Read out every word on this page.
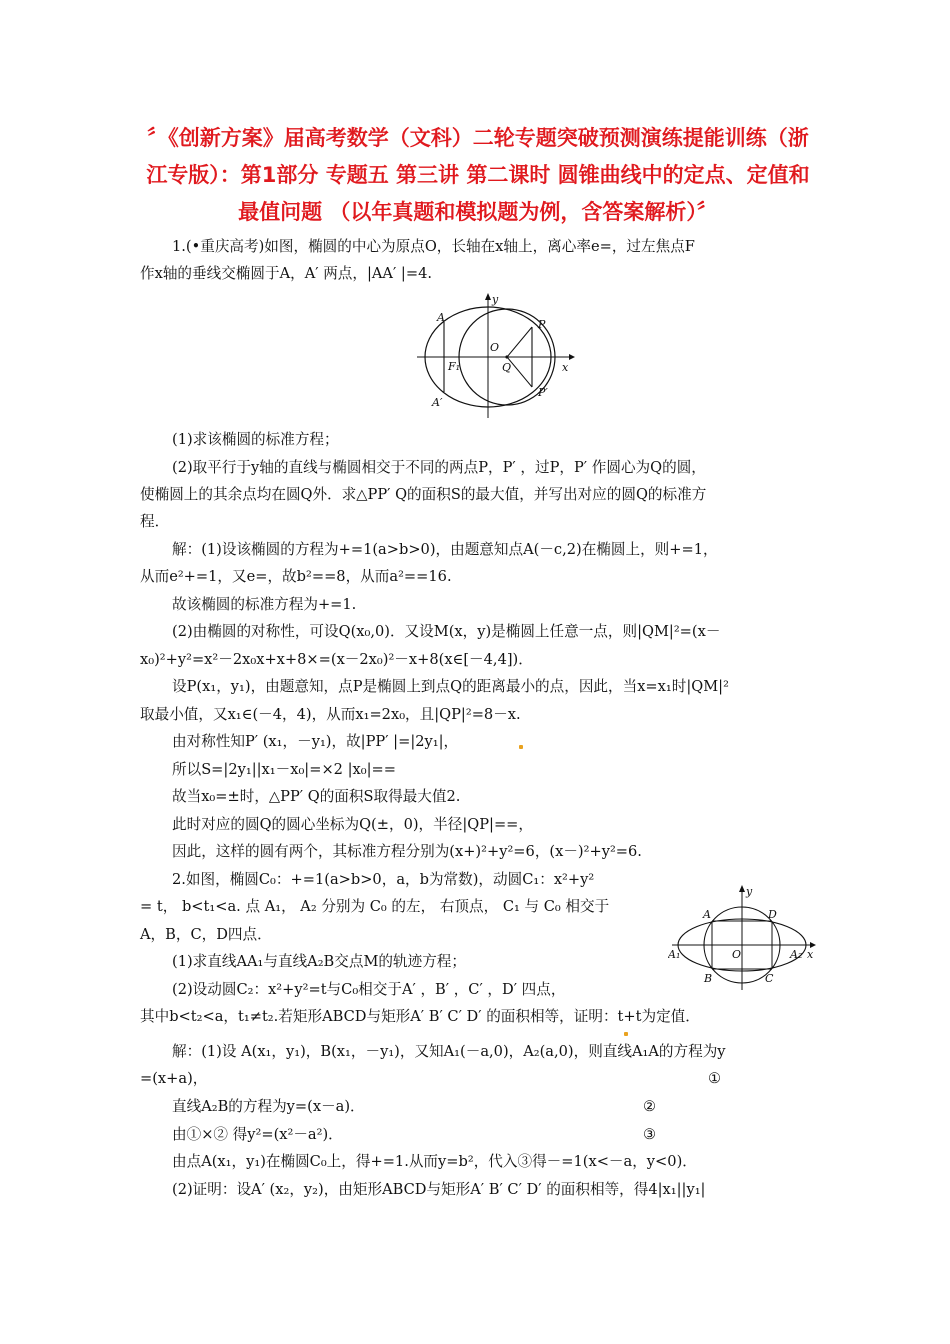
〞《创新方案》届高考数学（文科）二轮专题突破预测演练提能训练（浙江专版）：第1部分 专题五 第三讲 第二课时 圆锥曲线中的定点、定值和最值问题 （以年真题和模拟题为例，含答案解析）〞
1.(•重庆高考)如图，椭圆的中心为原点O，长轴在x轴上，离心率e=，过左焦点F
作x轴的垂线交椭圆于A，A′ 两点，|AA′ |=4.
y
A
P
O
Q	x
F₁
A′
P′
(1)求该椭圆的标准方程；
(2)取平行于y轴的直线与椭圆相交于不同的两点P，P′ ，过P，P′ 作圆心为Q的圆，
使椭圆上的其余点均在圆Q外．求△PP′ Q的面积S的最大值，并写出对应的圆Q的标准方
程．
解：(1)设该椭圆的方程为+=1(a>b>0)，由题意知点A(－c,2)在椭圆上，则+=1，
从而e²+=1，又e=，故b²==8，从而a²==16.
故该椭圆的标准方程为+=1.
(2)由椭圆的对称性，可设Q(x₀,0)．又设M(x，y)是椭圆上任意一点，则|QM|²=(x－
x₀)²+y²=x²－2x₀x+x+8×=(x－2x₀)²－x+8(x∈[－4,4])．
设P(x₁，y₁)，由题意知，点P是椭圆上到点Q的距离最小的点，因此，当x=x₁时|QM|²
取最小值，又x₁∈(－4，4)，从而x₁=2x₀，且|QP|²=8－x.
由对称性知P′ (x₁，－y₁)，故|PP′ |=|2y₁|，
所以S=|2y₁||x₁－x₀|=×2 |x₀|==
故当x₀=±时，△PP′ Q的面积S取得最大值2.
此时对应的圆Q的圆心坐标为Q(±，0)，半径|QP|==，
因此，这样的圆有两个，其标准方程分别为(x+)²+y²=6，(x－)²+y²=6.
2.如图，椭圆C₀：+=1(a>b>0，a，b为常数)，动圆C₁：x²+y²
= t， b<t₁<a. 点 A₁， A₂ 分别为 C₀ 的左， 右顶点， C₁ 与 C₀ 相交于
A，B，C，D四点．
(1)求直线AA₁与直线A₂B交点M的轨迹方程；
(2)设动圆C₂：x²+y²=t与C₀相交于A′ ，B′ ，C′ ，D′ 四点，
y
A	D
A₁	O	A₂ x
B	C
其中b<t₂<a，t₁≠t₂.若矩形ABCD与矩形A′ B′ C′ D′ 的面积相等，证明：t+t为定值．
解：(1)设 A(x₁，y₁)，B(x₁，－y₁)，又知A₁(－a,0)，A₂(a,0)，则直线A₁A的方程为y
=(x+a)，	①
直线A₂B的方程为y=(x－a)．	②
由①×② 得y²=(x²－a²)．	③
由点A(x₁，y₁)在椭圆C₀上，得+=1.从而y=b²，代入③得－=1(x<－a，y<0)．
(2)证明：设A′ (x₂，y₂)，由矩形ABCD与矩形A′ B′ C′ D′ 的面积相等，得4|x₁||y₁|
